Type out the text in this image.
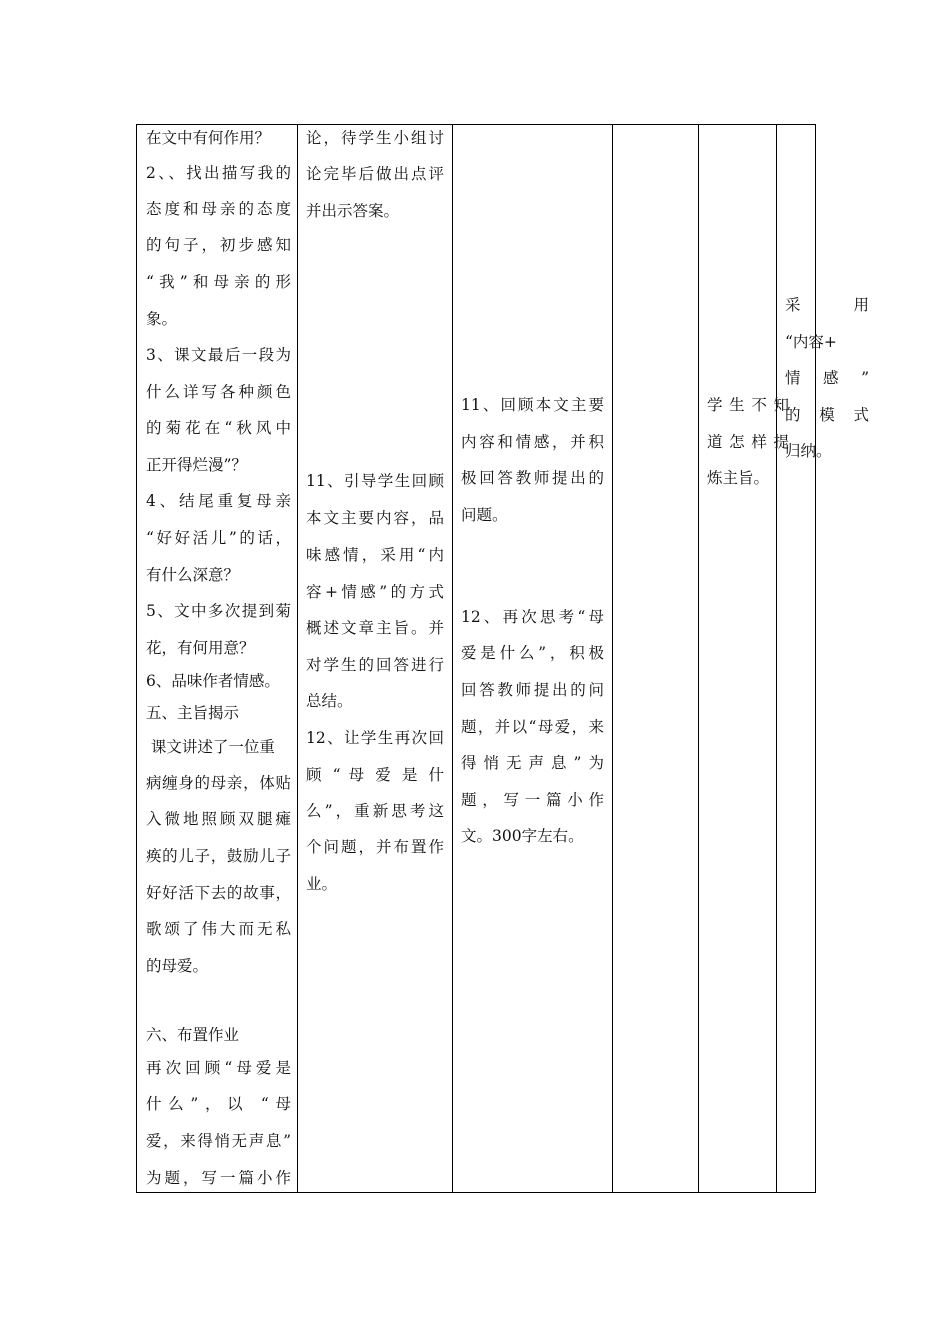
在文中有何作用？
2、、找出描写我的
态度和母亲的态度
的句子，初步感知
“我”和母亲的形
象。
3、课文最后一段为
什么详写各种颜色
的菊花在“秋风中
正开得烂漫”？
4、结尾重复母亲
“好好活儿”的话，
有什么深意？
5、文中多次提到菊
花，有何用意？
6、品味作者情感。
五、主旨揭示
课文讲述了一位重
病缠身的母亲，体贴
入微地照顾双腿瘫
痪的儿子，鼓励儿子
好好活下去的故事，
歌颂了伟大而无私
的母爱。
六、布置作业
再次回顾“母爱是
什么”，以 “母
爱，来得悄无声息”
为题，写一篇小作
论，待学生小组讨
论完毕后做出点评
并出示答案。
11、引导学生回顾
本文主要内容，品
味感情，采用“内
容+情感”的方式
概述文章主旨。并
对学生的回答进行
总结。
12、让学生再次回
顾 “ 母 爱 是 什
么”，重新思考这
个问题，并布置作
业。
11、回顾本文主要
内容和情感，并积
极回答教师提出的
问题。
12、再次思考“母
爱是什么”，积极
回答教师提出的问
题，并以“母爱，来
得悄无声息”为
题，写一篇小作
文。300字左右。
学生不知
道怎样提
炼主旨。
采 用
“内容+
情 感 ”
的模式
归纳。
